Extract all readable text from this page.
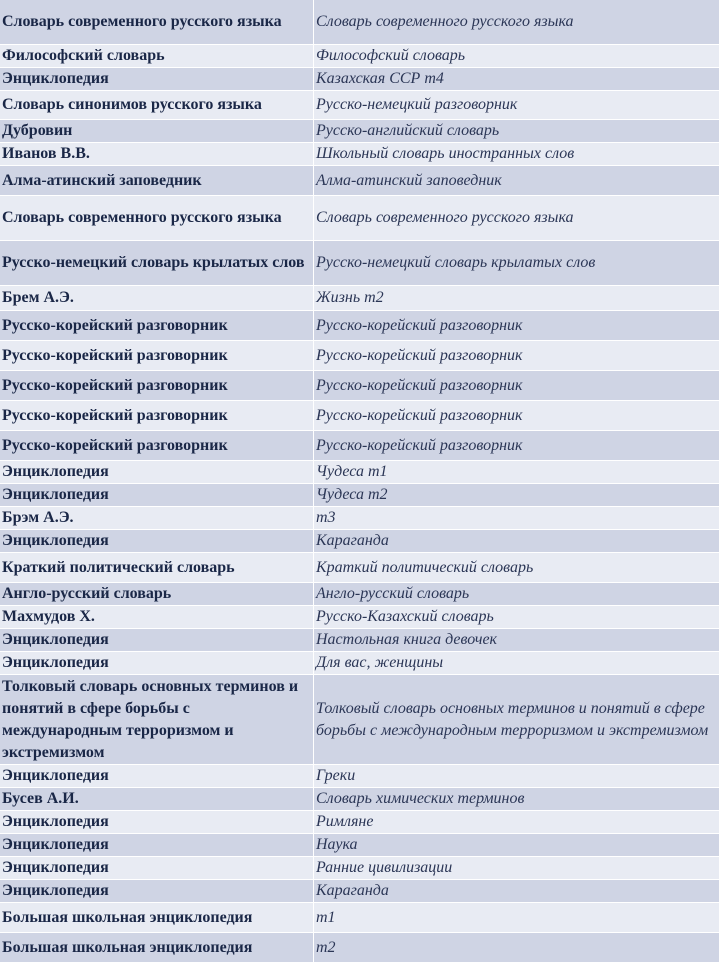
Словарь современного русского языка	Словарь современного русского языка
Философский словарь	Философский словарь
Энциклопедия	Казахская ССР т4
Словарь синонимов русского языка	Русско-немецкий разговорник
Дубровин	Русско-английский словарь
Иванов В.В.	Школьный словарь иностранных слов
Алма-атинский заповедник	Алма-атинский заповедник
Словарь современного русского языка	Словарь современного русского языка
Русско-немецкий словарь крылатых слов	Русско-немецкий словарь крылатых слов
Брем А.Э.	Жизнь т2
Русско-корейский разговорник	Русско-корейский разговорник
Русско-корейский разговорник	Русско-корейский разговорник
Русско-корейский разговорник	Русско-корейский разговорник
Русско-корейский разговорник	Русско-корейский разговорник
Русско-корейский разговорник	Русско-корейский разговорник
Энциклопедия	Чудеса т1
Энциклопедия	Чудеса т2
Брэм А.Э.	т3
Энциклопедия	Караганда
Краткий политический словарь	Краткий политический словарь
Англо-русский словарь	Англо-русский словарь
Махмудов Х.	Русско-Казахский словарь
Энциклопедия	Настольная книга девочек
Энциклопедия	Для вас, женщины
Толковый словарь основных терминов и понятий в сфере борьбы с международным терроризмом и экстремизмом	Толковый словарь основных терминов и понятий в сфере борьбы с международным терроризмом и экстремизмом
Энциклопедия	Греки
Бусев А.И.	Словарь химических терминов
Энциклопедия	Римляне
Энциклопедия	Наука
Энциклопедия	Ранние цивилизации
Энциклопедия	Караганда
Большая школьная энциклопедия	т1
Большая школьная энциклопедия	т2
